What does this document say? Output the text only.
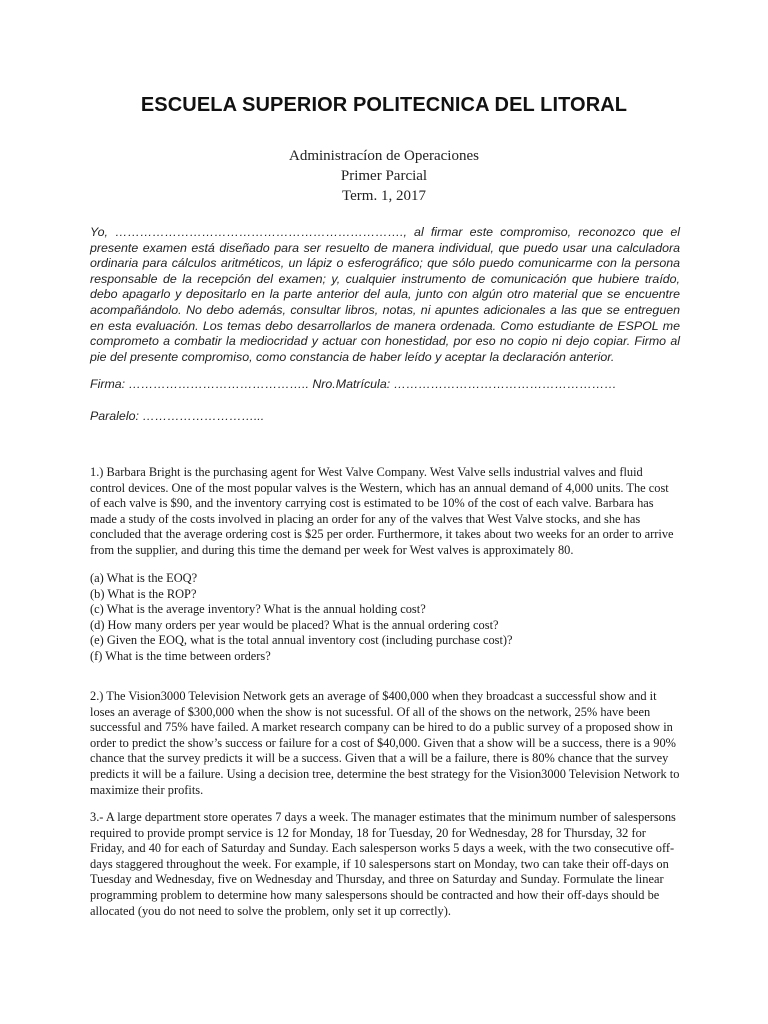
ESCUELA SUPERIOR POLITECNICA DEL LITORAL
Administracíon de Operaciones
Primer Parcial
Term. 1, 2017
Yo, ……………………………………………………………., al firmar este compromiso, reconozco que el presente examen está diseñado para ser resuelto de manera individual, que puedo usar una calculadora ordinaria para cálculos aritméticos, un lápiz o esferográfico; que sólo puedo comunicarme con la persona responsable de la recepción del examen; y, cualquier instrumento de comunicación que hubiere traído, debo apagarlo y depositarlo en la parte anterior del aula, junto con algún otro material que se encuentre acompañándolo. No debo además, consultar libros, notas, ni apuntes adicionales a las que se entreguen en esta evaluación. Los temas debo desarrollarlos de manera ordenada. Como estudiante de ESPOL me comprometo a combatir la mediocridad y actuar con honestidad, por eso no copio ni dejo copiar. Firmo al pie del presente compromiso, como constancia de haber leído y aceptar la declaración anterior.
Firma: …………………………………….. Nro.Matrícula: ………………………………………………
Paralelo: ………………………...

1.) Barbara Bright is the purchasing agent for West Valve Company. West Valve sells industrial valves and fluid control devices. One of the most popular valves is the Western, which has an annual demand of 4,000 units. The cost of each valve is $90, and the inventory carrying cost is estimated to be 10% of the cost of each valve. Barbara has made a study of the costs involved in placing an order for any of the valves that West Valve stocks, and she has concluded that the average ordering cost is $25 per order. Furthermore, it takes about two weeks for an order to arrive from the supplier, and during this time the demand per week for West valves is approximately 80.

(a) What is the EOQ?
(b) What is the ROP?
(c) What is the average inventory? What is the annual holding cost?
(d) How many orders per year would be placed? What is the annual ordering cost?
(e) Given the EOQ, what is the total annual inventory cost (including purchase cost)?
(f) What is the time between orders?

2.) The Vision3000 Television Network gets an average of $400,000 when they broadcast a successful show and it loses an average of $300,000 when the show is not sucessful. Of all of the shows on the network, 25% have been successful and 75% have failed. A market research company can be hired to do a public survey of a proposed show in order to predict the show’s success or failure for a cost of $40,000. Given that a show will be a success, there is a 90% chance that the survey predicts it will be a success. Given that a will be a failure, there is 80% chance that the survey predicts it will be a failure. Using a decision tree, determine the best strategy for the Vision3000 Television Network to maximize their profits.

3.- A large department store operates 7 days a week. The manager estimates that the minimum number of salespersons required to provide prompt service is 12 for Monday, 18 for Tuesday, 20 for Wednesday, 28 for Thursday, 32 for Friday, and 40 for each of Saturday and Sunday. Each salesperson works 5 days a week, with the two consecutive off-days staggered throughout the week. For example, if 10 salespersons start on Monday, two can take their off-days on Tuesday and Wednesday, five on Wednesday and Thursday, and three on Saturday and Sunday. Formulate the linear programming problem to determine how many salespersons should be contracted and how their off-days should be allocated (you do not need to solve the problem, only set it up correctly).
